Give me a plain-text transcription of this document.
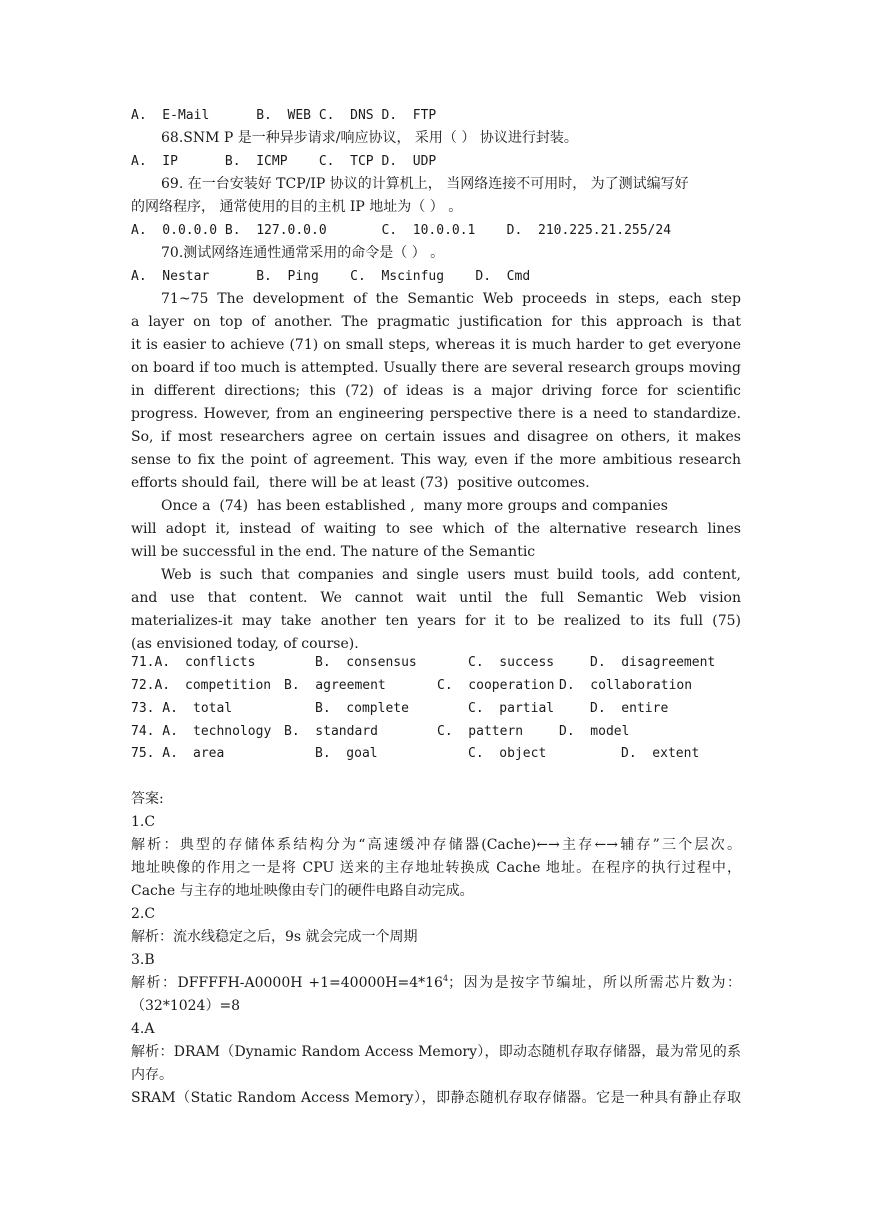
A.  E-Mail      B.  WEB C.  DNS D.  FTP
68.SNM P 是一种异步请求/响应协议， 采用（ ） 协议进行封装。
A.  IP      B.  ICMP    C.  TCP D.  UDP
69. 在一台安装好 TCP/IP 协议的计算机上， 当网络连接不可用时， 为了测试编写好
的网络程序， 通常使用的目的主机 IP 地址为（ ） 。
A.  0.0.0.0 B.  127.0.0.0       C.  10.0.0.1    D.  210.225.21.255/24
70.测试网络连通性通常采用的命令是（ ） 。
A.  Nestar      B.  Ping    C.  Mscinfug    D.  Cmd
71~75 The development of the Semantic Web proceeds in steps, each step
a layer on top of another. The pragmatic justification for this approach is that
it is easier to achieve (71) on small steps, whereas it is much harder to get everyone
on board if too much is attempted. Usually there are several research groups moving
in different directions; this (72) of ideas is a major driving force for scientific
progress. However, from an engineering perspective there is a need to standardize.
So, if most researchers agree on certain issues and disagree on others, it makes
sense to fix the point of agreement. This way, even if the more ambitious research
efforts should fail,  there will be at least (73)  positive outcomes.
Once a  (74)  has been established ,  many more groups and companies
will adopt it, instead of waiting to see which of the alternative research lines
will be successful in the end. The nature of the Semantic
Web is such that companies and single users must build tools, add content,
and use that content. We cannot wait until the full Semantic Web vision
materializes-it may take another ten years for it to be realized to its full (75)
(as envisioned today, of course).
71.A. conflicts	B.  consensus	C.  success	D.  disagreement
72.A. competition B.  agreement	C.  cooperation D.  collaboration
73. A. total	B.  complete	C.  partial	D.  entire
74. A. technology B.  standard	C.  pattern	D.  model
75. A. area	B.  goal	C.  object	D.  extent
答案:
1.C
解析：典型的存储体系结构分为“高速缓冲存储器(Cache)←→主存←→辅存”三个层次。
地址映像的作用之一是将 CPU 送来的主存地址转换成 Cache 地址。在程序的执行过程中，
Cache 与主存的地址映像由专门的硬件电路自动完成。
2.C
解析：流水线稳定之后，9s 就会完成一个周期
3.B
解析：DFFFFH-A0000H $+1=40000H=4*16^4$；因为是按字节编址，所以所需芯片数为：
（32*1024）=8
4.A
解析：DRAM（Dynamic Random Access Memory），即动态随机存取存储器，最为常见的系
内存。
SRAM（Static Random Access Memory），即静态随机存取存储器。它是一种具有静止存取
